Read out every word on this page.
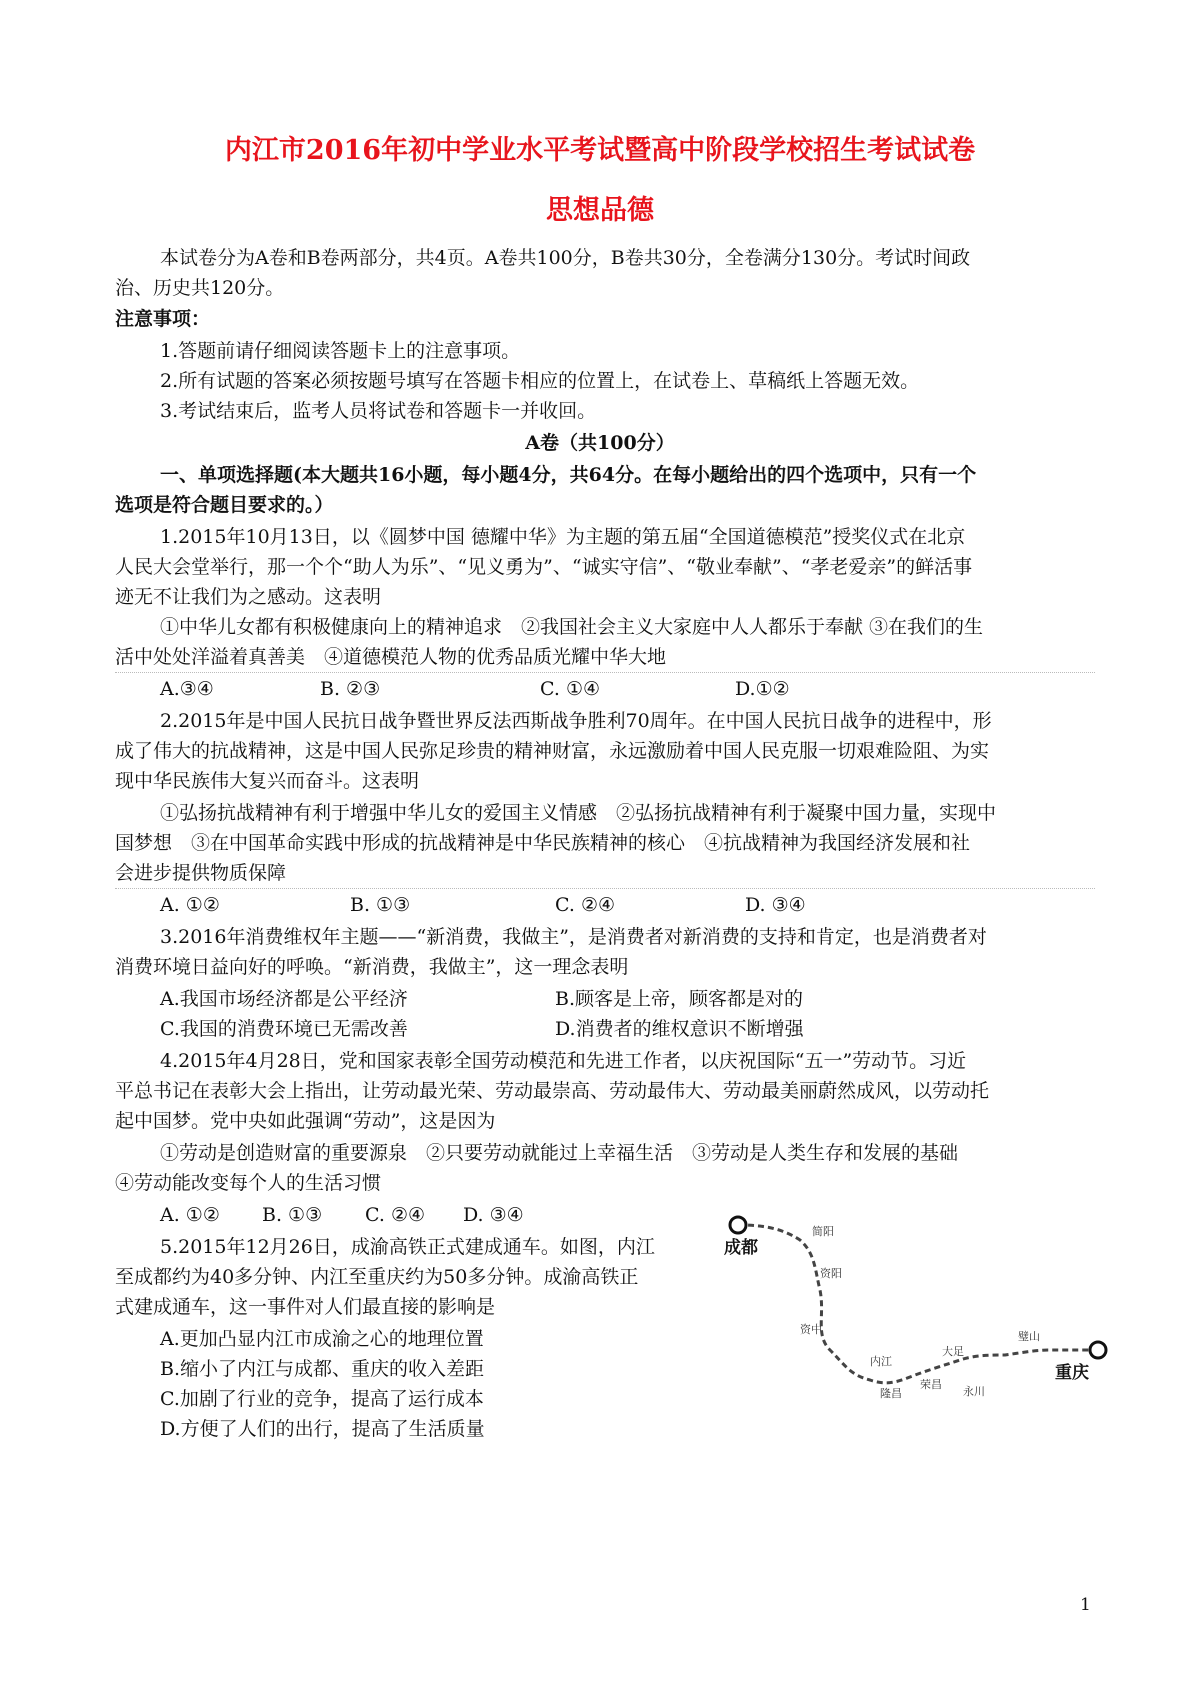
内江市2016年初中学业水平考试暨高中阶段学校招生考试试卷
思想品德
本试卷分为A卷和B卷两部分，共4页。A卷共100分，B卷共30分，全卷满分130分。考试时间政
治、历史共120分。
注意事项：
1.答题前请仔细阅读答题卡上的注意事项。
2.所有试题的答案必须按题号填写在答题卡相应的位置上，在试卷上、草稿纸上答题无效。
3.考试结束后，监考人员将试卷和答题卡一并收回。
A卷（共100分）
一、单项选择题(本大题共16小题，每小题4分，共64分。在每小题给出的四个选项中，只有一个
选项是符合题目要求的。）
1.2015年10月13日，以《圆梦中国 德耀中华》为主题的第五届“全国道德模范”授奖仪式在北京
人民大会堂举行，那一个个“助人为乐”、“见义勇为”、“诚实守信”、“敬业奉献”、“孝老爱亲”的鲜活事
迹无不让我们为之感动。这表明
①中华儿女都有积极健康向上的精神追求　②我国社会主义大家庭中人人都乐于奉献 ③在我们的生
活中处处洋溢着真善美　④道德模范人物的优秀品质光耀中华大地
A.③④	B. ②③	C. ①④	D.①②
2.2015年是中国人民抗日战争暨世界反法西斯战争胜利70周年。在中国人民抗日战争的进程中，形
成了伟大的抗战精神，这是中国人民弥足珍贵的精神财富，永远激励着中国人民克服一切艰难险阻、为实
现中华民族伟大复兴而奋斗。这表明
①弘扬抗战精神有利于增强中华儿女的爱国主义情感　②弘扬抗战精神有利于凝聚中国力量，实现中
国梦想　③在中国革命实践中形成的抗战精神是中华民族精神的核心　④抗战精神为我国经济发展和社
会进步提供物质保障
A. ①②	B. ①③	C. ②④	D. ③④
3.2016年消费维权年主题——“新消费，我做主”，是消费者对新消费的支持和肯定，也是消费者对
消费环境日益向好的呼唤。“新消费，我做主”，这一理念表明
A.我国市场经济都是公平经济	B.顾客是上帝，顾客都是对的
C.我国的消费环境已无需改善	D.消费者的维权意识不断增强
4.2015年4月28日，党和国家表彰全国劳动模范和先进工作者，以庆祝国际“五一”劳动节。习近
平总书记在表彰大会上指出，让劳动最光荣、劳动最崇高、劳动最伟大、劳动最美丽蔚然成风，以劳动托
起中国梦。党中央如此强调“劳动”，这是因为
①劳动是创造财富的重要源泉　②只要劳动就能过上幸福生活　③劳动是人类生存和发展的基础
④劳动能改变每个人的生活习惯
A. ①② B. ①③ C. ②④ D. ③④
5.2015年12月26日，成渝高铁正式建成通车。如图，内江
至成都约为40多分钟、内江至重庆约为50多分钟。成渝高铁正
式建成通车，这一事件对人们最直接的影响是
A.更加凸显内江市成渝之心的地理位置
B.缩小了内江与成都、重庆的收入差距
C.加剧了行业的竞争，提高了运行成本
D.方便了人们的出行，提高了生活质量
成都
重庆
简阳
资阳
资中
内江
隆昌
荣昌
大足
永川
璧山
1
